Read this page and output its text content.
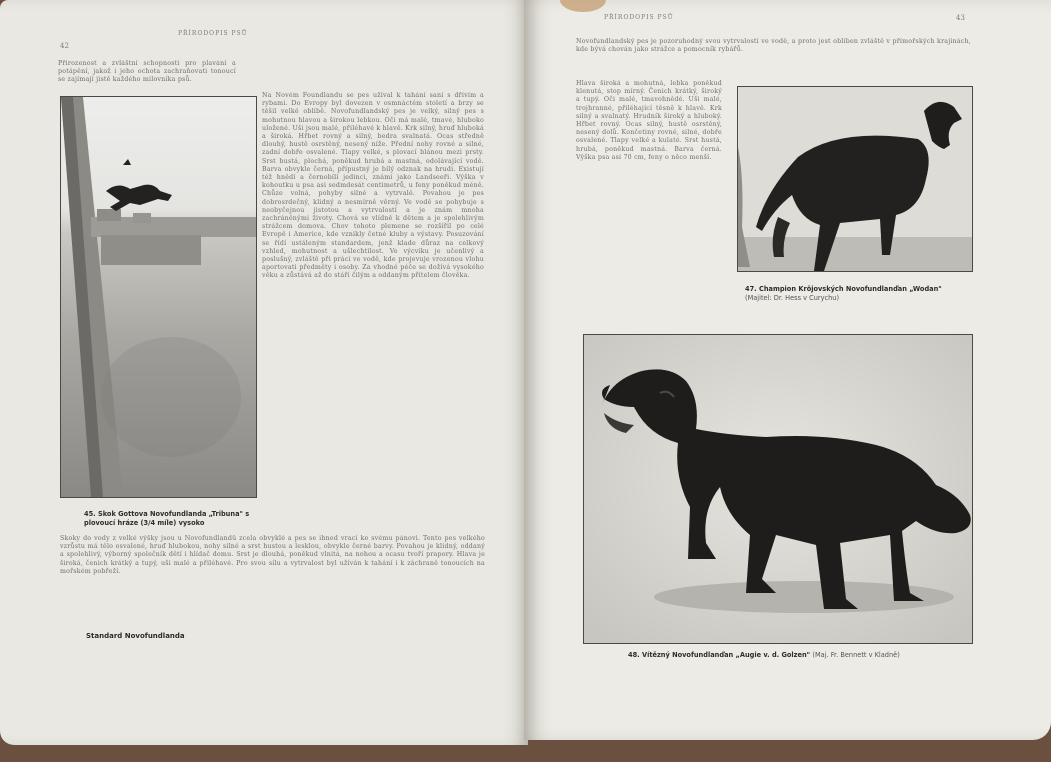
42
PŘÍRODOPIS PSŮ
Přirozenost a zvláštní schopnosti pro plavání a potápění, jakož i jeho ochota zachraňovati tonoucí se zajímají jistě každého milovníka psů.
Skoky do vody z velké výšky jsou u Novofundlandů zcela obvyklé a pes se ihned vrací ke svému pánovi. Tento pes velkého vzrůstu má tělo osvalené, hruď hlubokou, nohy silné a srst hustou a lesklou, obvykle černé barvy. Povahou je klidný, oddaný a spolehlivý, výborný společník dětí i hlídač domu. Srst je dlouhá, poněkud vlnitá, na nohou a ocasu tvoří prapory. Hlava je široká, čenich krátký a tupý, uši malé a přiléhavé. Pro svou sílu a vytrvalost byl užíván k tahání i k záchraně tonoucích na mořském pobřeží.
Standard Novofundlanda
Na Novém Foundlandu se pes užíval k tahání saní s dřívím a rybami. Do Evropy byl dovezen v osmnáctém století a brzy se těšil velké oblibě. Novofundlandský pes je velký, silný pes s mohutnou hlavou a širokou lebkou. Oči má malé, tmavé, hluboko uložené. Uši jsou malé, přiléhavé k hlavě. Krk silný, hruď hluboká a široká. Hřbet rovný a silný, bedra svalnatá. Ocas středně dlouhý, hustě osrstěný, nesený níže. Přední nohy rovné a silné, zadní dobře osvalené. Tlapy velké, s plovací blánou mezi prsty. Srst hustá, plochá, poněkud hrubá a mastná, odolávající vodě. Barva obvykle černá, přípustný je bílý odznak na hrudi. Existují též hnědí a černobílí jedinci, známí jako Landseeři. Výška v kohoutku u psa asi sedmdesát centimetrů, u feny poněkud méně. Chůze volná, pohyby silné a vytrvalé. Povahou je pes dobrosrdečný, klidný a nesmírně věrný. Ve vodě se pohybuje s neobyčejnou jistotou a vytrvalostí a je znám mnoha zachráněnými životy. Chová se vlídně k dětem a je spolehlivým strážcem domova. Chov tohoto plemene se rozšířil po celé Evropě i Americe, kde vznikly četné kluby a výstavy. Posuzování se řídí ustáleným standardem, jenž klade důraz na celkový vzhled, mohutnost a ušlechtilost. Ve výcviku je učenlivý a poslušný, zvláště při práci ve vodě, kde projevuje vrozenou vlohu aportovati předměty i osoby. Za vhodné péče se dožívá vysokého věku a zůstává až do stáří čilým a oddaným přítelem člověka.
45. Skok Gottova Novofundlanda „Tribuna" s plovoucí hráze (3/4 míle) vysoko
PŘÍRODOPIS PSŮ	43
Novofundlandský pes je pozoruhodný svou vytrvalostí ve vodě, a proto jest oblíben zvláště v přímořských krajinách, kde bývá chován jako strážce a pomocník rybářů.
Hlava široká a mohutná, lebka poněkud klenutá, stop mírný. Čenich krátký, široký a tupý. Oči malé, tmavohnědé. Uši malé, trojhranné, přiléhající těsně k hlavě. Krk silný a svalnatý. Hrudník široký a hluboký. Hřbet rovný. Ocas silný, hustě osrstěný, nesený dolů. Končetiny rovné, silné, dobře osvalené. Tlapy velké a kulaté. Srst hustá, hrubá, poněkud mastná. Barva černá. Výška psa asi 70 cm, feny o něco menší.
47. Champion Kröjovských Novofundlanďan „Wodan"
(Majitel: Dr. Hess v Curychu)
48. Vítězný Novofundlanďan „Augie v. d. Golzen" (Maj. Fr. Bennett v Kladně)
